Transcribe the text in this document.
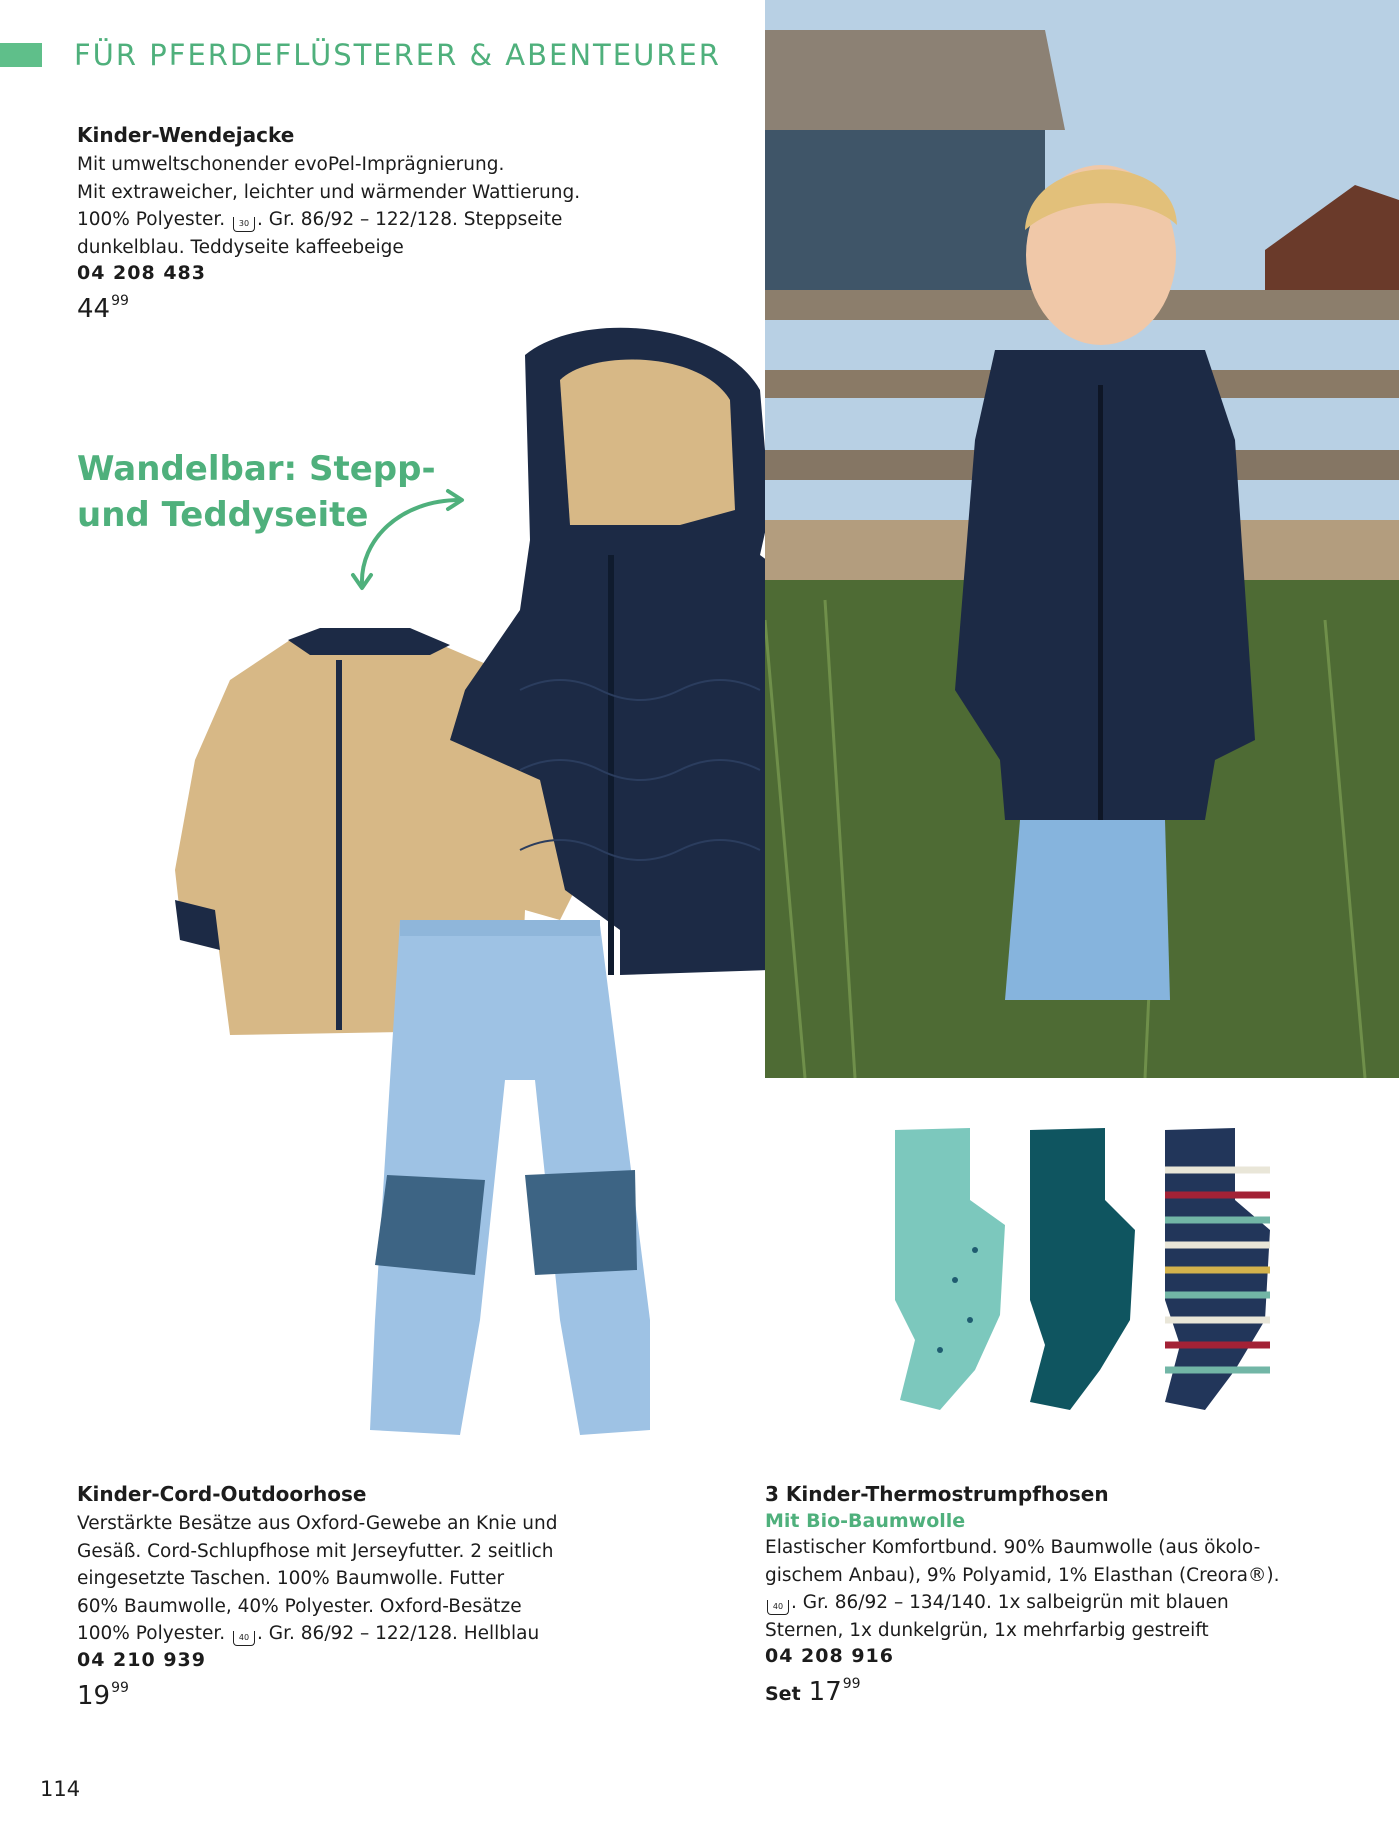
FÜR PFERDEFLÜSTERER & ABENTEURER
Kinder-Wendejacke
Mit umweltschonender evoPel-Imprägnierung.
Mit extraweicher, leichter und wärmender Wattierung.
100% Polyester. 30 . Gr. 86/92 – 122/128. Steppseite
dunkelblau. Teddyseite kaffeebeige
04 208 483
$44^{99}$
Wandelbar: Stepp-
und Teddyseite
Kinder-Cord-Outdoorhose
Verstärkte Besätze aus Oxford-Gewebe an Knie und
Gesäß. Cord-Schlupfhose mit Jerseyfutter. 2 seitlich
eingesetzte Taschen. 100% Baumwolle. Futter
60% Baumwolle, 40% Polyester. Oxford-Besätze
100% Polyester. 40 . Gr. 86/92 – 122/128. Hellblau
04 210 939
$19^{99}$
3 Kinder-Thermostrumpfhosen
Mit Bio-Baumwolle
Elastischer Komfortbund. 90% Baumwolle (aus ökolo-
gischem Anbau), 9% Polyamid, 1% Elasthan (Creora®).
40 . Gr. 86/92 – 134/140. 1x salbeigrün mit blauen
Sternen, 1x dunkelgrün, 1x mehrfarbig gestreift
04 208 916
Set $17^{99}$
114
